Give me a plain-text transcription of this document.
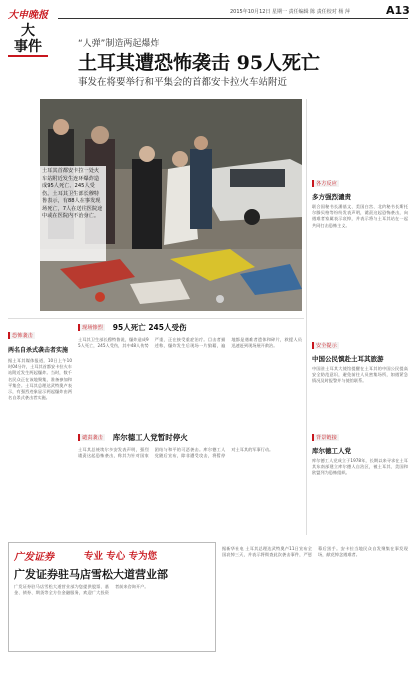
大申晚报
大
事件
2015年10月12日 星期一 责任编辑 陈 责任校对 杨 萍	A13
“人弹”制造两起爆炸
土耳其遭恐怖袭击 95人死亡
事发在将要举行和平集会的首都安卡拉火车站附近
土耳其首都安卡拉一处火车站附近发生连环爆炸造成95人死亡、245人受伤。土耳其卫生部长穆特鲁表示，有88人在事发现场死亡，7人在送往医院途中或在医院内不治身亡。
各方反应
多方强烈谴责
联合国秘书长潘基文、美国白宫、北约秘书长斯托尔滕贝格等纷纷发表声明，谴责这起恐怖袭击，向遇难者家属表示哀悼，并表示将与土耳其站在一起共同打击恐怖主义。
安全提示
中国公民慎赴土耳其旅游
中国驻土耳其大使馆提醒在土耳其的中国公民提高安全防范意识，避免前往人员密集场所，如遇紧急情况及时报警并与使馆联系。
背景链接
库尔德工人党
库尔德工人党成立于1978年，长期以来寻求在土耳其东南部建立库尔德人自治区，被土耳其、美国和欧盟列为恐怖组织。
恐怖袭击
两名自杀式袭击者实施
据土耳其媒体报道，10日上午10时04分许，土耳其首都安卡拉火车站附近发生两起爆炸。当时，数千名民众正在该地聚集，准备参加和平集会。土耳其总理达武特奥卢表示，有强烈迹象显示两起爆炸由两名自杀式袭击者实施。
现场惨烈 95人死亡 245人受伤
土耳其卫生部长穆特鲁说，爆炸造成95人死亡，245人受伤，其中48人伤势严重，正在接受重症治疗。目击者描述称，爆炸发生后现场一片狼藉，遍地都是遇难者遗体和碎片，救援人员迅速赶到现场展开救治。
谴责袭击 库尔德工人党暂时停火
土耳其总统埃尔多安发表声明，强烈谴责这起恐怖袭击，称其为针对国家团结与和平的可恶袭击。库尔德工人党随后宣布，除非遭受攻击，将暂停对土耳其的军事行动。
广发证券	专业 专心 专为您
广发证券驻马店雪松大道营业部
广发证券驻马店雪松大道营业部为您提供股票、基金、债券、期货等全方位金融服务，欢迎广大投资者前来咨询开户。
据新华社电 土耳其总理达武特奥卢11日宣布全国哀悼三天，并表示将彻查此次袭击事件，严惩幕后黑手。安卡拉当地民众自发聚集在事发现场，献花悼念遇难者。
